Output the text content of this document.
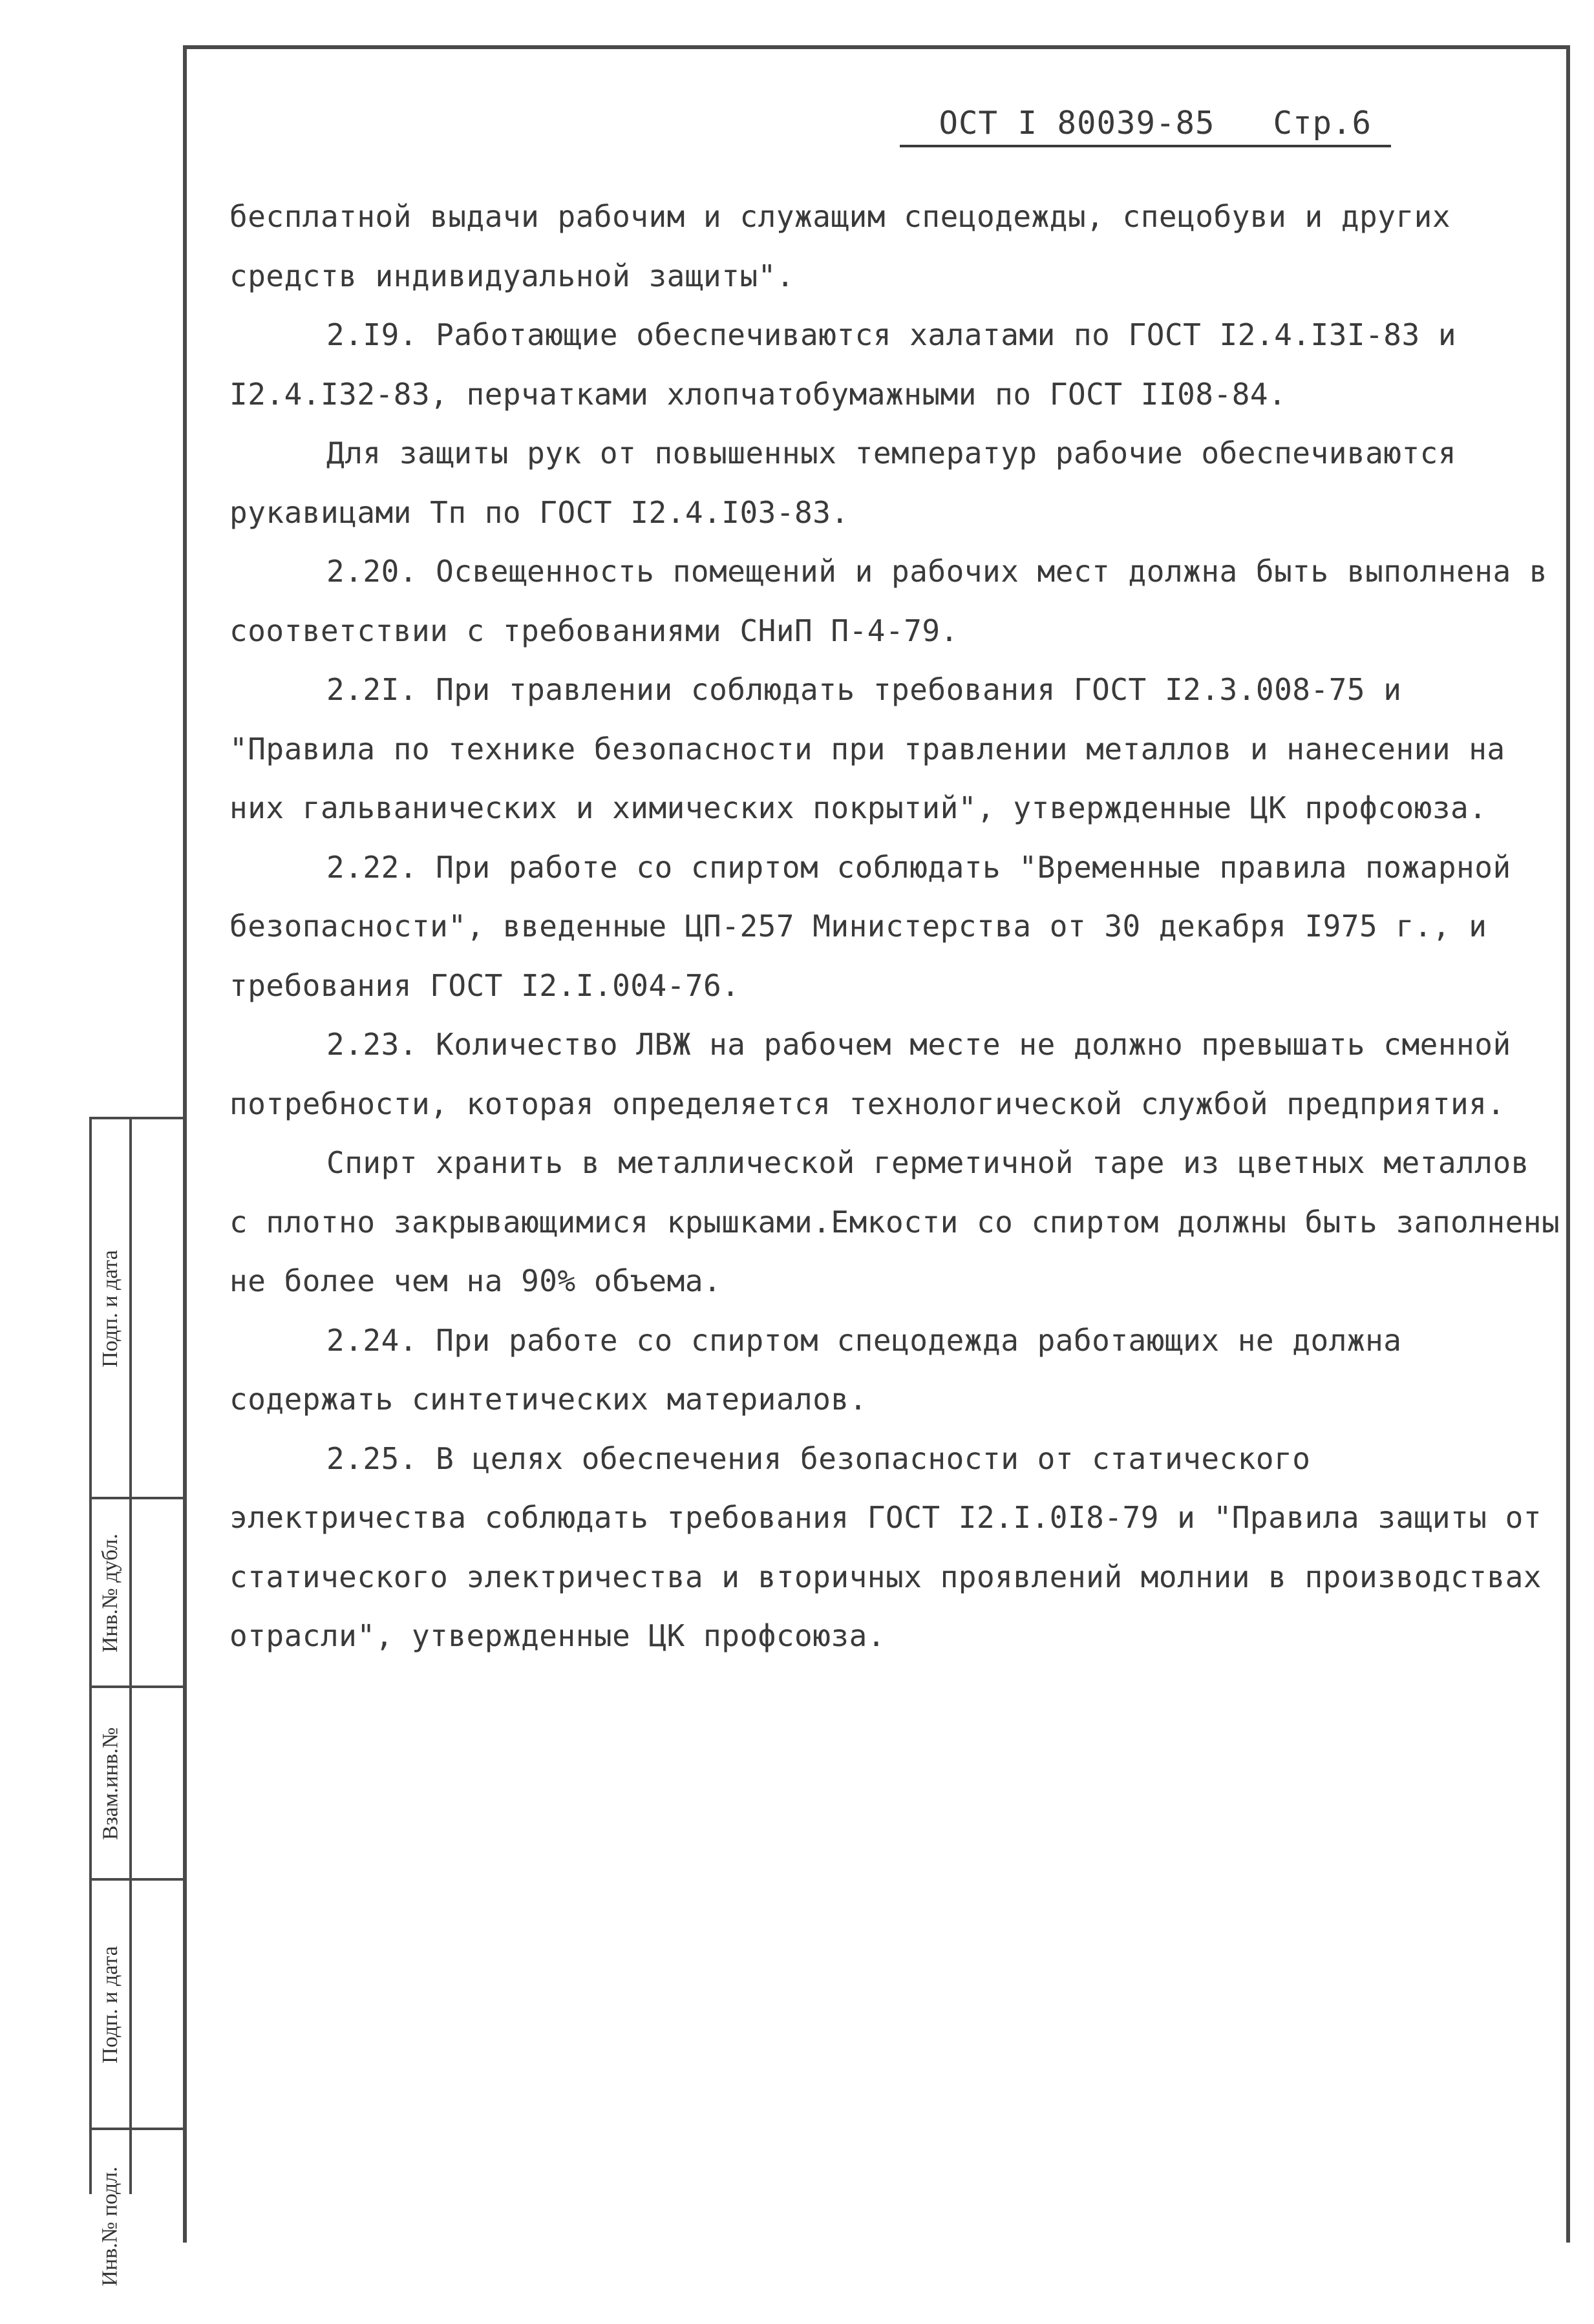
ОСТ I 80039-85 Стр.6

бесплатной выдачи рабочим и служащим спецодежды, спецобуви и других средств индивидуальной защиты".

2.I9. Работающие обеспечиваются халатами по ГОСТ I2.4.I3I-83 и I2.4.I32-83, перчатками хлопчатобумажными по ГОСТ II08-84.

Для защиты рук от повышенных температур рабочие обеспечиваются рукавицами Тп по ГОСТ I2.4.I03-83.

2.20. Освещенность помещений и рабочих мест должна быть выполнена в соответствии с требованиями СНиП П-4-79.

2.2I. При травлении соблюдать требования ГОСТ I2.3.008-75 и "Правила по технике безопасности при травлении металлов и нанесении на них гальванических и химических покрытий", утвержденные ЦК профсоюза.

2.22. При работе со спиртом соблюдать "Временные правила пожарной безопасности", введенные ЦП-257 Министерства от 30 декабря I975 г., и требования ГОСТ I2.I.004-76.

2.23. Количество ЛВЖ на рабочем месте не должно превышать сменной потребности, которая определяется технологической службой предприятия.

Спирт хранить в металлической герметичной таре из цветных металлов с плотно закрывающимися крышками.Емкости со спиртом должны быть заполнены не более чем на 90% объема.

2.24. При работе со спиртом спецодежда работающих не должна содержать синтетических материалов.

2.25. В целях обеспечения безопасности от статического электричества соблюдать требования ГОСТ I2.I.0I8-79 и "Правила защиты от статического электричества и вторичных проявлений молнии в производствах отрасли", утвержденные ЦК профсоюза.

Подп. и дата
Инв.№ дубл.
Взам.инв.№
Подп. и дата
Инв.№ подл.
